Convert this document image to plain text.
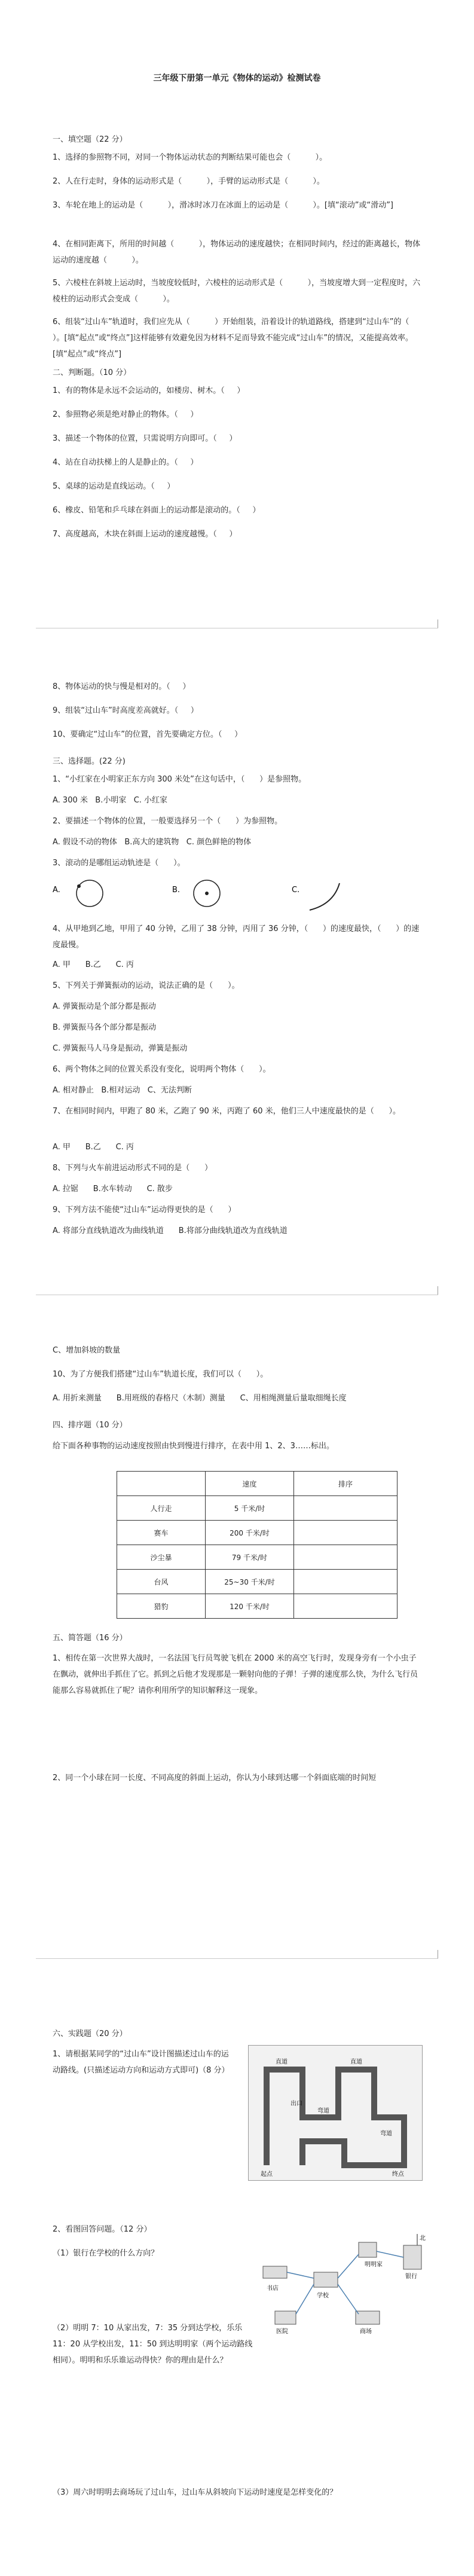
三年级下册第一单元《物体的运动》检测试卷
一、填空题（22 分）
1、选择的参照物不同，对同一个物体运动状态的判断结果可能也会（          ）。
2、人在行走时，身体的运动形式是（          ），手臂的运动形式是（          ）。
3、车轮在地上的运动是（          ），滑冰时冰刀在冰面上的运动是（          ）。[填“滚动”或“滑动”]
4、在相同距离下，所用的时间越（          ），物体运动的速度越快；在相同时间内，经过的距离越长，物体运动的速度越（          ）。
5、六棱柱在斜坡上运动时，当坡度较低时，六棱柱的运动形式是（          ），当坡度增大到一定程度时，六棱柱的运动形式会变成（          ）。
6、组装“过山车”轨道时，我们应先从（          ）开始组装，沿着设计的轨道路线，搭建到“过山车”的（          ）。[填“起点”或“终点”]这样能够有效避免因为材料不足而导致不能完成“过山车”的情况，又能提高效率。[填“起点”或“终点”]
二、判断题。（10 分）
1、有的物体是永远不会运动的，如楼房、树木。（     ）
2、参照物必须是绝对静止的物体。（     ）
3、描述一个物体的位置，只需说明方向即可。（     ）
4、站在自动扶梯上的人是静止的。（     ）
5、桌球的运动是直线运动。（     ）
6、橡皮、铅笔和乒乓球在斜面上的运动都是滚动的。（     ）
7、高度越高，木块在斜面上运动的速度越慢。（     ）
8、物体运动的快与慢是相对的。（     ）
9、组装“过山车”时高度差高就好。（     ）
10、要确定“过山车”的位置，首先要确定方位。（     ）
三、选择题。(22 分)
1、“小红家在小明家正东方向 300 米处”在这句话中，（      ）是参照物。
A. 300 米   B.小明家   C. 小红家
2、要描述一个物体的位置，一般要选择另一个（      ）为参照物。
A. 假设不动的物体   B.高大的建筑物   C. 颜色鲜艳的物体
3、滚动的是哪组运动轨迹是（      ）。
A.	B.	C.
4、从甲地到乙地，甲用了 40 分钟，乙用了 38 分钟，丙用了 36 分钟，（      ）的速度最快，（      ）的速度最慢。
A. 甲      B.乙      C. 丙
5、下列关于弹簧振动的运动，说法正确的是（      ）。
A. 弹簧振动是个部分都是振动
B. 弹簧振马各个部分都是振动
C. 弹簧振马人马身是振动，弹簧是振动
6、两个物体之间的位置关系没有变化，说明两个物体（      ）。
A. 相对静止   B.相对运动   C、无法判断
7、在相同时间内，甲跑了 80 米，乙跑了 90 米，丙跑了 60 米，他们三人中速度最快的是（      ）。
A. 甲      B.乙      C. 丙
8、下列与火车前进运动形式不同的是（      ）
A. 拉锯      B.水车转动      C. 散步
9、下列方法不能使“过山车”运动得更快的是（      ）
A. 将部分直线轨道改为曲线轨道      B.将部分曲线轨道改为直线轨道
C、增加斜坡的数量
10、为了方便我们搭建“过山车”轨道长度，我们可以（      ）。
A. 用折来测量      B.用班级的春格尺（木制）测量      C、用相绳测量后量取细绳长度
四、排序题（10 分）
给下面各种事物的运动速度按照由快到慢进行排序，在表中用 1、2、3……标出。
	速度	排序
人行走	5 千米/时	
赛车	200 千米/时	
沙尘暴	79 千米/时	
台风	25~30 千米/时	
猎豹	120 千米/时	
五、简答题（16 分）
1、相传在第一次世界大战时，一名法国飞行员驾驶飞机在 2000 米的高空飞行时，发现身旁有一个小虫子在飘动，就伸出手抓住了它。抓到之后他才发现那是一颗射向他的子弹！子弹的速度那么快，为什么飞行员能那么容易就抓住了呢？请你利用所学的知识解释这一现象。
2、同一个小球在同一长度、不同高度的斜面上运动，你认为小球到达哪一个斜面底端的时间短
六、实践题（20 分）
1、请根据某同学的“过山车”设计图描述过山车的运动路线。(只描述运动方向和运动方式即可)（8 分）
起点
出口
终点
直道
弯道
直道
弯道
2、看图回答问题。（12 分）
（1）银行在学校的什么方向？
北
书店
学校
明明家
银行
医院	商场
（2）明明 7：10 从家出发，7：35 分到达学校，乐乐 11：20 从学校出发，11：50 到达明明家（两个运动路线相同）。明明和乐乐谁运动得快？你的理由是什么？
（3）周六时明明去商场玩了过山车，过山车从斜坡向下运动时速度是怎样变化的？
